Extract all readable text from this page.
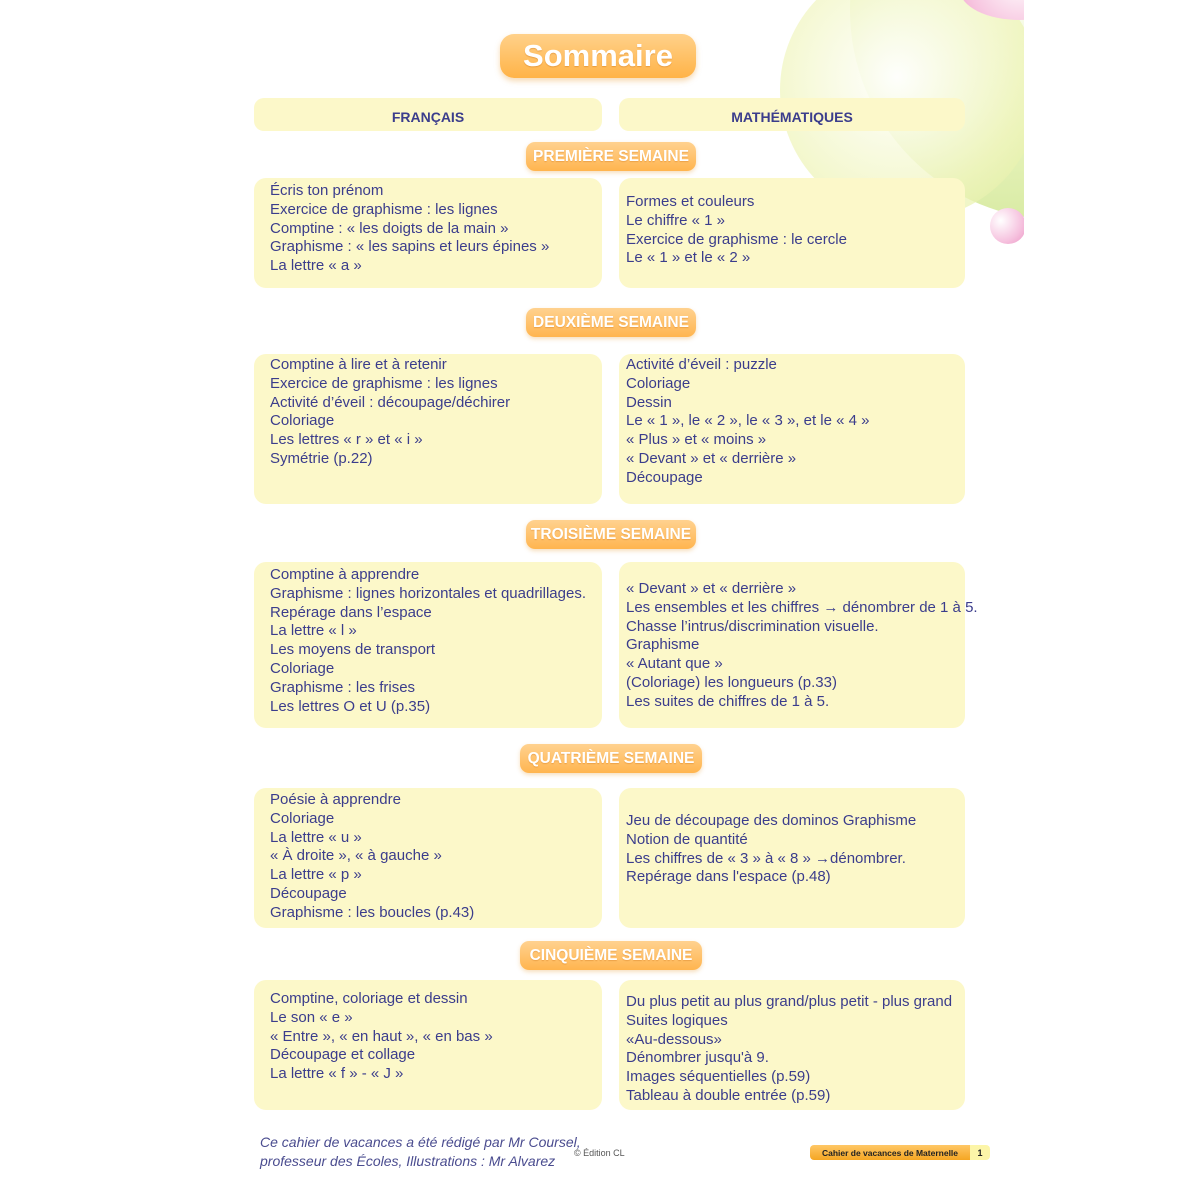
Sommaire
FRANÇAIS	MATHÉMATIQUES
PREMIÈRE SEMAINE
Écris ton prénom
Exercice de graphisme : les lignes
Comptine : « les doigts de la main »
Graphisme : « les sapins et leurs épines »
La lettre « a »
Formes et couleurs
Le chiffre « 1 »
Exercice de graphisme : le cercle
Le « 1 » et le « 2 »
DEUXIÈME SEMAINE
Comptine à lire et à retenir
Exercice de graphisme : les lignes
Activité d’éveil : découpage/déchirer
Coloriage
Les lettres « r » et « i »
Symétrie (p.22)
Activité d’éveil : puzzle
Coloriage
Dessin
Le « 1 », le « 2 », le « 3 », et le « 4 »
« Plus » et « moins »
« Devant » et « derrière »
Découpage
TROISIÈME SEMAINE
Comptine à apprendre
Graphisme : lignes horizontales et quadrillages.
Repérage dans l’espace
La lettre « l »
Les moyens de transport
Coloriage
Graphisme : les frises
Les lettres O et U (p.35)
« Devant » et « derrière »
Les ensembles et les chiffres → dénombrer de 1 à 5.
Chasse l’intrus/discrimination visuelle.
Graphisme
« Autant que »
(Coloriage) les longueurs (p.33)
Les suites de chiffres de 1 à 5.
QUATRIÈME SEMAINE
Poésie à apprendre
Coloriage
La lettre « u »
« À droite », « à gauche »
La lettre « p »
Découpage
Graphisme : les boucles (p.43)
Jeu de découpage des dominos Graphisme
Notion de quantité
Les chiffres de « 3 » à « 8 » →dénombrer.
Repérage dans l'espace (p.48)
CINQUIÈME SEMAINE
Comptine, coloriage et dessin
Le son « e »
« Entre », « en haut », « en bas »
Découpage et collage
La lettre « f » - « J »
Du plus petit au plus grand/plus petit - plus grand
Suites logiques
«Au-dessous»
Dénombrer jusqu'à 9.
Images séquentielles (p.59)
Tableau à double entrée (p.59)
Ce cahier de vacances a été rédigé par Mr Coursel,
professeur des Écoles, Illustrations : Mr Alvarez	© Édition CL	Cahier de vacances de Maternelle	1
